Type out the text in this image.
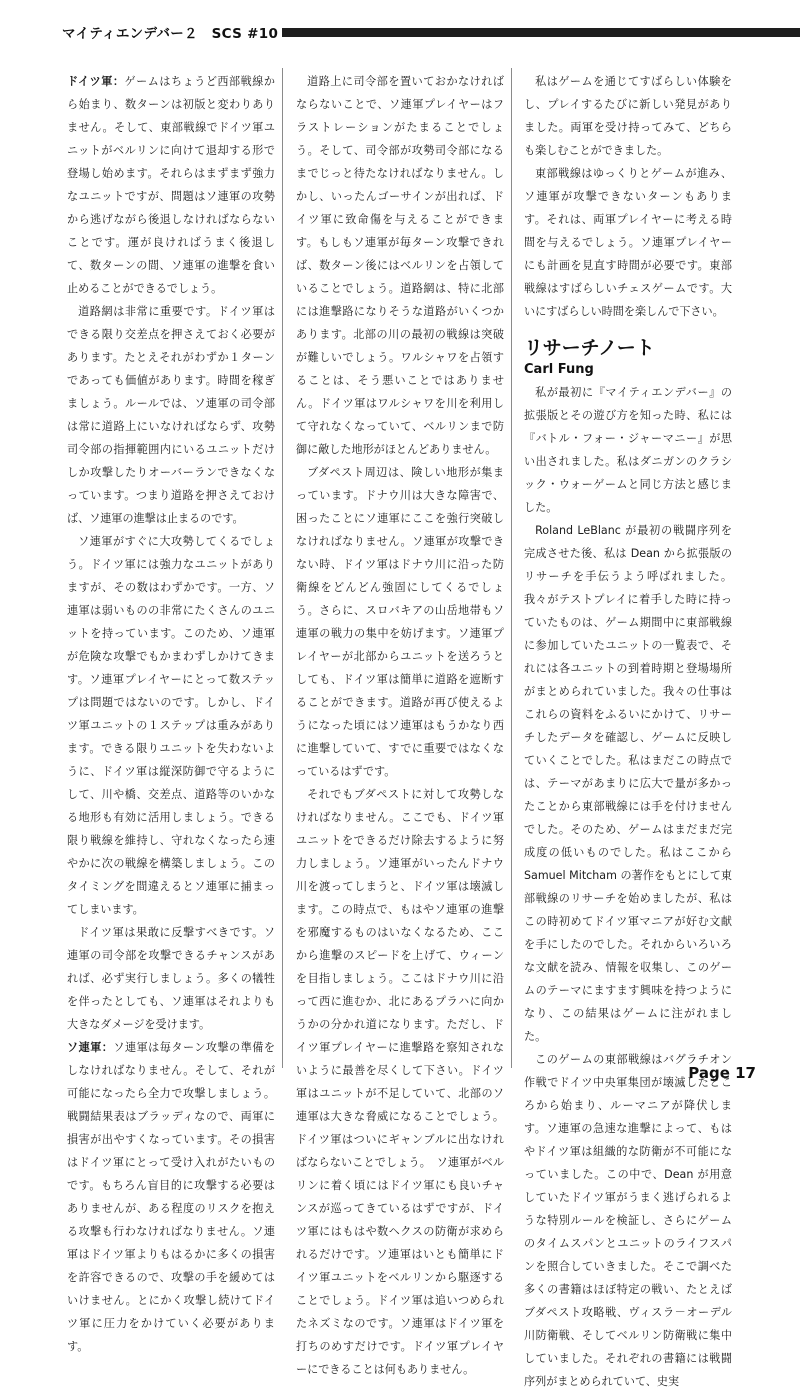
マイティエンデバー２　SCS #10

ドイツ軍：ゲームはちょうど西部戦線から始まり、数ターンは初版と変わりありません。そして、東部戦線でドイツ軍ユニットがベルリンに向けて退却する形で登場し始めます。それらはまずまず強力なユニットですが、問題はソ連軍の攻勢から逃げながら後退しなければならないことです。運が良ければうまく後退して、数ターンの間、ソ連軍の進撃を食い止めることができるでしょう。

道路網は非常に重要です。ドイツ軍はできる限り交差点を押さえておく必要があります。たとえそれがわずか１ターンであっても価値があります。時間を稼ぎましょう。ルールでは、ソ連軍の司令部は常に道路上にいなければならず、攻勢司令部の指揮範囲内にいるユニットだけしか攻撃したりオーバーランできなくなっています。つまり道路を押さえておけば、ソ連軍の進撃は止まるのです。

ソ連軍がすぐに大攻勢してくるでしょう。ドイツ軍には強力なユニットがありますが、その数はわずかです。一方、ソ連軍は弱いものの非常にたくさんのユニットを持っています。このため、ソ連軍が危険な攻撃でもかまわずしかけてきます。ソ連軍プレイヤーにとって数ステップは問題ではないのです。しかし、ドイツ軍ユニットの１ステップは重みがあります。できる限りユニットを失わないように、ドイツ軍は縦深防御で守るようにして、川や橋、交差点、道路等のいかなる地形も有効に活用しましょう。できる限り戦線を維持し、守れなくなったら速やかに次の戦線を構築しましょう。このタイミングを間違えるとソ連軍に捕まってしまいます。

ドイツ軍は果敢に反撃すべきです。ソ連軍の司令部を攻撃できるチャンスがあれば、必ず実行しましょう。多くの犠牲を伴ったとしても、ソ連軍はそれよりも大きなダメージを受けます。

ソ連軍：ソ連軍は毎ターン攻撃の準備をしなければなりません。そして、それが可能になったら全力で攻撃しましょう。戦闘結果表はブラッディなので、両軍に損害が出やすくなっています。その損害はドイツ軍にとって受け入れがたいものです。もちろん盲目的に攻撃する必要はありませんが、ある程度のリスクを抱える攻撃も行わなければなりません。ソ連軍はドイツ軍よりもはるかに多くの損害を許容できるので、攻撃の手を緩めてはいけません。とにかく攻撃し続けてドイツ軍に圧力をかけていく必要があります。

道路上に司令部を置いておかなければならないことで、ソ連軍プレイヤーはフラストレーションがたまることでしょう。そして、司令部が攻勢司令部になるまでじっと待たなければなりません。しかし、いったんゴーサインが出れば、ドイツ軍に致命傷を与えることができます。もしもソ連軍が毎ターン攻撃できれば、数ターン後にはベルリンを占領していることでしょう。道路網は、特に北部には進撃路になりそうな道路がいくつかあります。北部の川の最初の戦線は突破が難しいでしょう。ワルシャワを占領することは、そう悪いことではありません。ドイツ軍はワルシャワを川を利用して守れなくなっていて、ベルリンまで防御に敵した地形がほとんどありません。

ブダペスト周辺は、険しい地形が集まっています。ドナウ川は大きな障害で、困ったことにソ連軍にここを強行突破しなければなりません。ソ連軍が攻撃できない時、ドイツ軍はドナウ川に沿った防衛線をどんどん強固にしてくるでしょう。さらに、スロバキアの山岳地帯もソ連軍の戦力の集中を妨げます。ソ連軍プレイヤーが北部からユニットを送ろうとしても、ドイツ軍は簡単に道路を遮断することができます。道路が再び使えるようになった頃にはソ連軍はもうかなり西に進撃していて、すでに重要ではなくなっているはずです。

それでもブダペストに対して攻勢しなければなりません。ここでも、ドイツ軍ユニットをできるだけ除去するように努力しましょう。ソ連軍がいったんドナウ川を渡ってしまうと、ドイツ軍は壊滅します。この時点で、もはやソ連軍の進撃を邪魔するものはいなくなるため、ここから進撃のスピードを上げて、ウィーンを目指しましょう。ここはドナウ川に沿って西に進むか、北にあるプラハに向かうかの分かれ道になります。ただし、ドイツ軍プレイヤーに進撃路を察知されないように最善を尽くして下さい。ドイツ軍はユニットが不足していて、北部のソ連軍は大きな脅威になることでしょう。ドイツ軍はついにギャンブルに出なければならないことでしょう。　ソ連軍がベルリンに着く頃にはドイツ軍にも良いチャンスが巡ってきているはずですが、ドイツ軍にはもはや数ヘクスの防衛が求められるだけです。ソ連軍はいとも簡単にドイツ軍ユニットをベルリンから駆逐することでしょう。ドイツ軍は追いつめられたネズミなのです。ソ連軍はドイツ軍を打ちのめすだけです。ドイツ軍プレイヤーにできることは何もありません。

私はゲームを通じてすばらしい体験をし、プレイするたびに新しい発見がありました。両軍を受け持ってみて、どちらも楽しむことができました。

東部戦線はゆっくりとゲームが進み、ソ連軍が攻撃できないターンもあります。それは、両軍プレイヤーに考える時間を与えるでしょう。ソ連軍プレイヤーにも計画を見直す時間が必要です。東部戦線はすばらしいチェスゲームです。大いにすばらしい時間を楽しんで下さい。

リサーチノート
Carl Fung

私が最初に『マイティエンデバー』の拡張版とその遊び方を知った時、私には『バトル・フォー・ジャーマニー』が思い出されました。私はダニガンのクラシック・ウォーゲームと同じ方法と感じました。

Roland LeBlanc が最初の戦闘序列を完成させた後、私は Dean から拡張版のリサーチを手伝うよう呼ばれました。我々がテストプレイに着手した時に持っていたものは、ゲーム期間中に東部戦線に参加していたユニットの一覧表で、それには各ユニットの到着時期と登場場所がまとめられていました。我々の仕事はこれらの資料をふるいにかけて、リサーチしたデータを確認し、ゲームに反映していくことでした。私はまだこの時点では、テーマがあまりに広大で量が多かったことから東部戦線には手を付けませんでした。そのため、ゲームはまだまだ完成度の低いものでした。私はここから Samuel Mitcham の著作をもとにして東部戦線のリサーチを始めましたが、私はこの時初めてドイツ軍マニアが好む文献を手にしたのでした。それからいろいろな文献を読み、情報を収集し、このゲームのテーマにますます興味を持つようになり、この結果はゲームに注がれました。

このゲームの東部戦線はバグラチオン作戦でドイツ中央軍集団が壊滅したところから始まり、ルーマニアが降伏します。ソ連軍の急速な進撃によって、もはやドイツ軍は組織的な防衛が不可能になっていました。この中で、Dean が用意していたドイツ軍がうまく逃げられるような特別ルールを検証し、さらにゲームのタイムスパンとユニットのライフスパンを照合していきました。そこで調べた多くの書籍はほぼ特定の戦い、たとえばブダペスト攻略戦、ヴィスラ－オーデル川防衛戦、そしてベルリン防衛戦に集中していました。それぞれの書籍には戦闘序列がまとめられていて、史実

Page 17
